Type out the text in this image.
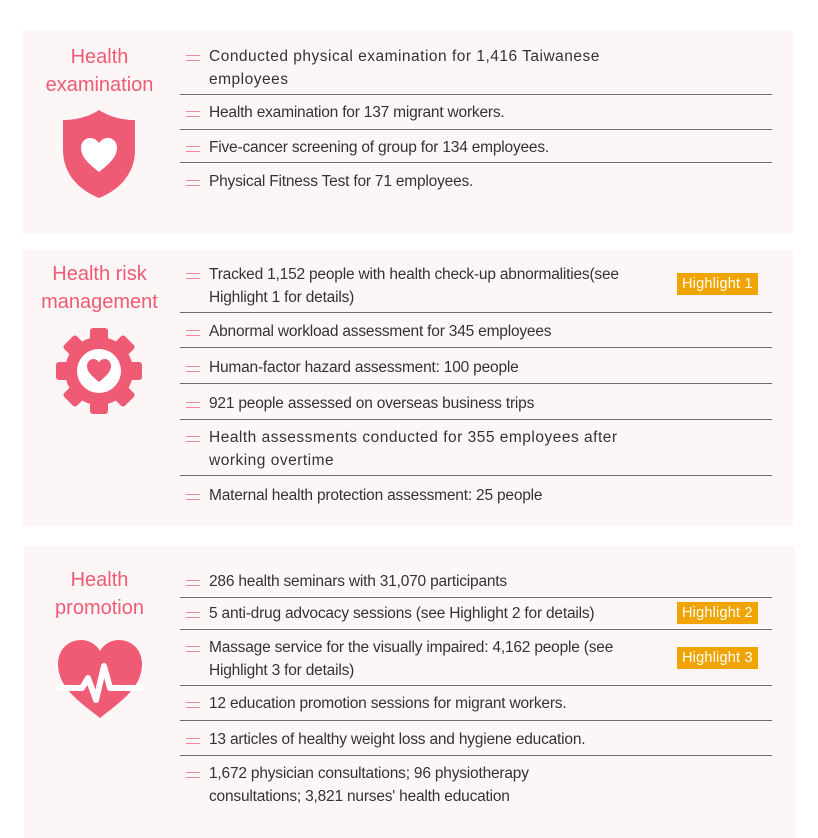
Health
examination
Conducted physical examination for 1,416 Taiwanese employees
Health examination for 137 migrant workers.
Five-cancer screening of group for 134 employees.
Physical Fitness Test for 71 employees.
Health risk
management
Tracked 1,152 people with health check-up abnormalities(see Highlight 1 for details)
Highlight 1
Abnormal workload assessment for 345 employees
Human-factor hazard assessment: 100 people
921 people assessed on overseas business trips
Health assessments conducted for 355 employees after working overtime
Maternal health protection assessment: 25 people
Health
promotion
286 health seminars with 31,070 participants
5 anti-drug advocacy sessions (see Highlight 2 for details)	Highlight 2
Massage service for the visually impaired: 4,162 people (see Highlight 3 for details)
Highlight 3
12 education promotion sessions for migrant workers.
13 articles of healthy weight loss and hygiene education.
1,672 physician consultations; 96 physiotherapy consultations; 3,821 nurses' health education
